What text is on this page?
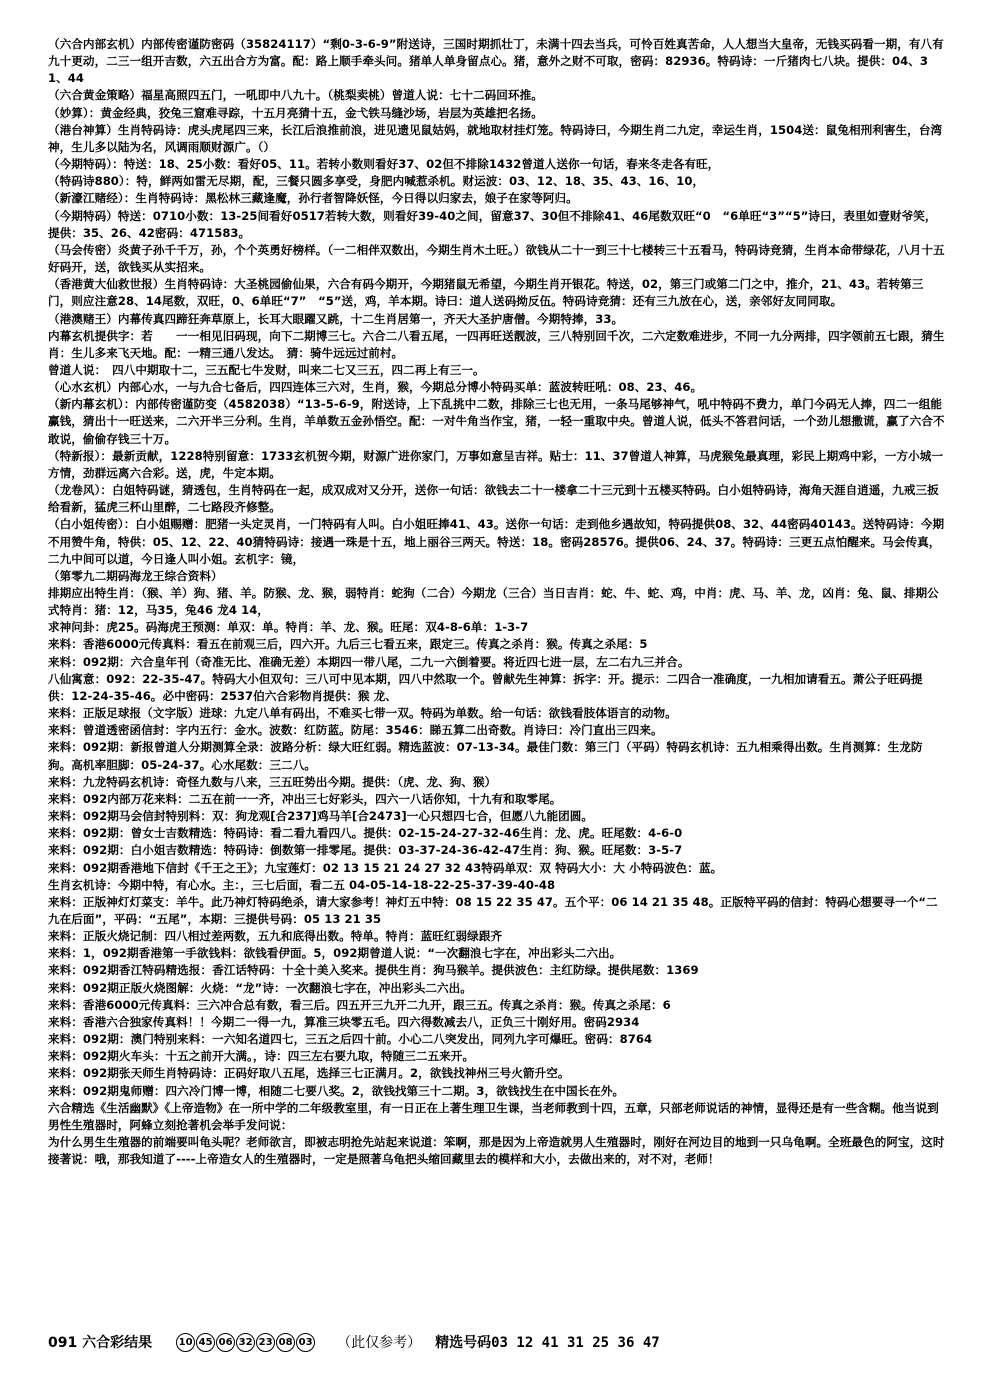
（六合内部玄机）内部传密谨防密码（35824117）“剩0-3-6-9”附送诗，三国时期抓壮丁，未满十四去当兵，可怜百姓真苦命，人人想当大皇帝，无钱买码看一期，有八有九十更动，二三一组开吉数，六五出合方为富。配：路上顺手牵头问。猪单人单身留点心。猪，意外之财不可取，密码：82936。特码诗：一斤猪肉七八块。提供：04、31、44

（六合黄金策略）福星高照四五门，一吼即中八九十。（桃梨卖桃）曾道人说：七十二码回环推。

（妙算）：黄金经典，狡兔三窟难寻踪，十五月亮猜十五，金弋铁马缝沙场，岩层为英雄把名扬。

（港台神算）生肖特码诗：虎头虎尾四三来，长江后浪推前浪，进见遗见鼠姑妈，就地取材挂灯笼。特码诗曰，今期生肖二九定，幸运生肖，1504送：鼠兔相刑利害生，台湾神，生儿多以陆为名，风调雨顺财源广。（）

（今期特码）：特送：18、25小数：看好05、11。若转小数则看好37、02但不排除1432曾道人送你一句话，春来冬走各有旺，

（特码诗880）：特，鲜两如雷无尽期，配，三餐只圆多享受，身肥内喊惹杀机。财运波：03、12、18、35、43、16、10，

（新濠江赌经）：生肖特码诗：黑松林三藏逢魔，孙行者智降妖怪，今日得以归家去，娘子在家等阿归。

（今期特码）特送：0710小数：13-25间看好0517若转大数，则看好39-40之间，留意37、30但不排除41、46尾数双旺“0　“6单旺“3”“5”诗曰，表里如壹财爷笑，提供：35、26、42密码：471583。

（马会传密）炎黄子孙千千万，孙，个个英勇好榜样。（一二相伴双数出，今期生肖木土旺。）欲钱从二十一到三十七楼转三十五看马，特码诗竞猜，生肖本命带绿花，八月十五好码开，送，欲钱买从实招来。

（香港黄大仙救世报）生肖特码诗：大圣桃园偷仙果，六合有码今期开，今期猪鼠无希望，今期生肖开银花。特送，02，第三门或第二门之中，推介，21、43。若转第三门，则应注意28、14尾数，双旺，0、6单旺“7”　“5”送，鸡，羊本期。诗曰：道人送码拗反伍。特码诗竞猜：还有三九放在心，送，亲邻好友同同取。

（港澳赌王）内幕传真四蹄狂奔草原上，长耳大眼躍又跳，十二生肖居第一，齐天大圣护唐僧。今期特捧，33。

内幕玄机提供字：若　　一一相见旧码现，向下二期博三七。六合二八看五尾，一四再旺送靓波，三八特别回千次，二六定数难进步，不同一九分两排，四字领前五七跟，猜生肖：生儿多来飞天地。配：一精三通八发达。　猜：骑牛远远过前村。

曾道人说：　四八中期取十二，三五配七牛发财，叫来二七又三五，四二再上有三一。

（心水玄机）内部心水，一与九合七备后，四四连体三六对，生肖，猴，今期总分博小特码买单：蓝波转旺吼：08、23、46。

（新内幕玄机）：内部传密谨防变（4582038）“13-5-6-9，附送诗，上下乱挑中二数，排除三七也无用，一条马尾够神气，吼中特码不费力，单门今码无人捧，四二一组能赢钱，猜出十一旺送来，二六开半三分利。生肖，羊单数五金孙悟空。配：一对牛角当作宝，猪，一轻一重取中央。曾道人说，低头不答君问话，一个劲儿想撒谎，赢了六合不敢说，偷偷存钱三十万。

（特新报）：最新贡献，1228特别留意：1733玄机贺今期，财源广进你家门，万事如意呈吉祥。贴士：11、37曾道人神算，马虎猴兔最真理，彩民上期鸡中彩，一方小城一方情，劲群远离六合彩。送，虎，牛定本期。

（龙卷风）：白姐特码谜，猜透包，生肖特码在一起，成双成对又分开，送你一句话：欲钱去二十一楼拿二十三元到十五楼买特码。白小姐特码诗，海角天涯自逍遥，九戒三扳给看新，猛虎三杯山里醉，二七路段齐修整。

（白小姐传密）：白小姐赐赠：肥猪一头定灵肖，一门特码有人叫。白小姐旺捧41、43。送你一句话：走到他乡遇故知，特码提供08、32、44密码40143。送特码诗：今期不用赞牛角，特供：05、12、22、40猜特码诗：接遇一珠是十五，地上丽谷三两天。特送：18。密码28576。提供06、24、37。特码诗：三更五点怕醒来。马会传真，二九中间可以道，今日逢人叫小姐。玄机字：镜，

（第零九二期码海龙王综合资料）

排期应出特生肖：（猴、羊）狗、猪、羊。防猴、龙、猴，弱特肖：蛇狗（二合）今期龙（三合）当日吉肖：蛇、牛、蛇、鸡，中肖：虎、马、羊、龙，凶肖：兔、鼠、排期公式特肖：猪：12，马35，兔46 龙4 14，

求神问卦：虎25。码海虎王预测：单双：单。特肖：羊、龙、猴。旺尾：双4-8-6单：1-3-7

来料：香港6000元传真料：看五在前观三后，四六开。九后三七看五来，跟定三。传真之杀肖：猴。传真之杀尾：5

来料：092期：六合皇年刊（奇准无比、准确无差）本期四一带八尾，二九一六倒着要。将近四七进一层，左二右九三并合。

八仙寓意：092：22-35-47。特码大小但双句：三八可中见本期，四八中然取一个。曾献先生神算：拆字：开。提示：二四合一准确度，一九相加请看五。萧公子旺码提供：12-24-35-46。必中密码：2537伯六合彩物肖提供：猴 龙、

来料：正版足球报（文字版）进球：九定八单有码出，不难买七带一双。特码为单数。给一句话：欲钱看肢体语言的动物。

来料：曾道透密函信封：字内五行：金水。波数：红防蓝。防尾：3546：睇五算二出奇数。肖诗曰：冷门直出三四来。

来料：092期：新报曾道人分期测算全录：波路分析：绿大旺红弱。精选蓝波：07-13-34。最佳门数：第三门（平码）特码玄机诗：五九相乘得出数。生肖测算：生龙防狗。高机率胆脚：05-24-37。心水尾数：三二八。

来料：九龙特码玄机诗：奇怪九数与八来，三五旺势出今期。提供：（虎、龙、狗、猴）

来料：092内部万花来料：二五在前一一齐，冲出三七好彩头，四六一八话你知，十九有和取零尾。

来料：092期马会信封特别料：双：狗龙观[合237]鸡马羊[合2473]一心只想四七合，但愿八九能团圆。

来料：092期：曾女士吉数精选：特码诗：看二看九看四八。提供：02-15-24-27-32-46生肖：龙、虎。旺尾数：4-6-0

来料：092期：白小姐吉数精选：特码诗：倒数第一排零尾。提供：03-37-24-36-42-47生肖：狗、猴。旺尾数：3-5-7

来料：092期香港地下信封《千王之王》；九宝莲灯：02 13 15 21 24 27 32 43特码单双：双 特码大小：大 小特码波色：蓝。

生肖玄机诗：今期中特，有心水。主：，三七后面，看二五 04-05-14-18-22-25-37-39-40-48

来料：正版神灯灯菜支：羊牛。此乃神灯特码绝杀，请大家参考！神灯五中特：08 15 22 35 47。五个平：06 14 21 35 48。正版特平码的信封：特码心想要寻一个“二九在后面”，平码：“五尾”，本期：三提供号码：05 13 21 35

来料：正版火烧记制：四八相过差两数，五九和底得出数。特单。特肖：蓝旺红弱绿跟齐

来料：1，092期香港第一手欲钱料：欲钱看伊面。5，092期曾道人说：“一次翻浪七字在，冲出彩头二六出。

来料：092期香江特码精选报：香江话特码：十全十美入奖来。提供生肖：狗马猴羊。提供波色：主红防绿。提供尾数：1369

来料：092期正版火烧图解：火烧：“龙”诗：一次翻浪七字在，冲出彩头二六出。

来料：香港6000元传真料：三六冲合总有数，看三后。四五开三九开二九开，跟三五。传真之杀肖：猴。传真之杀尾：6

来料：香港六合独家传真料！！今期二一得一九，算准三块零五毛。四六得数减去八，正负三十刚好用。密码2934

来料：092期：澳门特别来料：一六知名道四七，三五之后四十前。小心二八突发出，同列九字可爆旺。密码：8764

来料：092期火车头：十五之前开大满。，诗：四三左右要九取，特随三二五来开。

来料：092期张天师生肖特码诗：正码好取八五尾，选择三七正满月。2，欲钱找神州三号火箭升空。

来料：092期鬼师赠：四六冷门博一博，相随二七要八奖。2，欲钱找第三十二期。3，欲钱找生在中国长在外。

六合精选《生活幽默》《上帝造物》在一所中学的二年级教室里，有一日正在上著生理卫生课，当老师教到十四，五章，只部老师说话的神情，显得还是有一些含糊。他当说到男性生殖器时，阿蜂立刻抢著机会举手发问说：

为什么男生生殖器的前端要叫龟头呢？老师欲言，即被志明抢先站起来说道：笨啊，那是因为上帝造就男人生殖器时，刚好在河边目的地到一只乌龟啊。全班最色的阿宝，这时接著说：哦，那我知道了----上帝造女人的生殖器时，一定是照著乌龟把头缩回藏里去的模样和大小，去做出来的，对不对，老师！

091 六合彩结果	10 45 06 32 23 08 03 （此仅参考） 精选号码03 12 41 31 25 36 47
